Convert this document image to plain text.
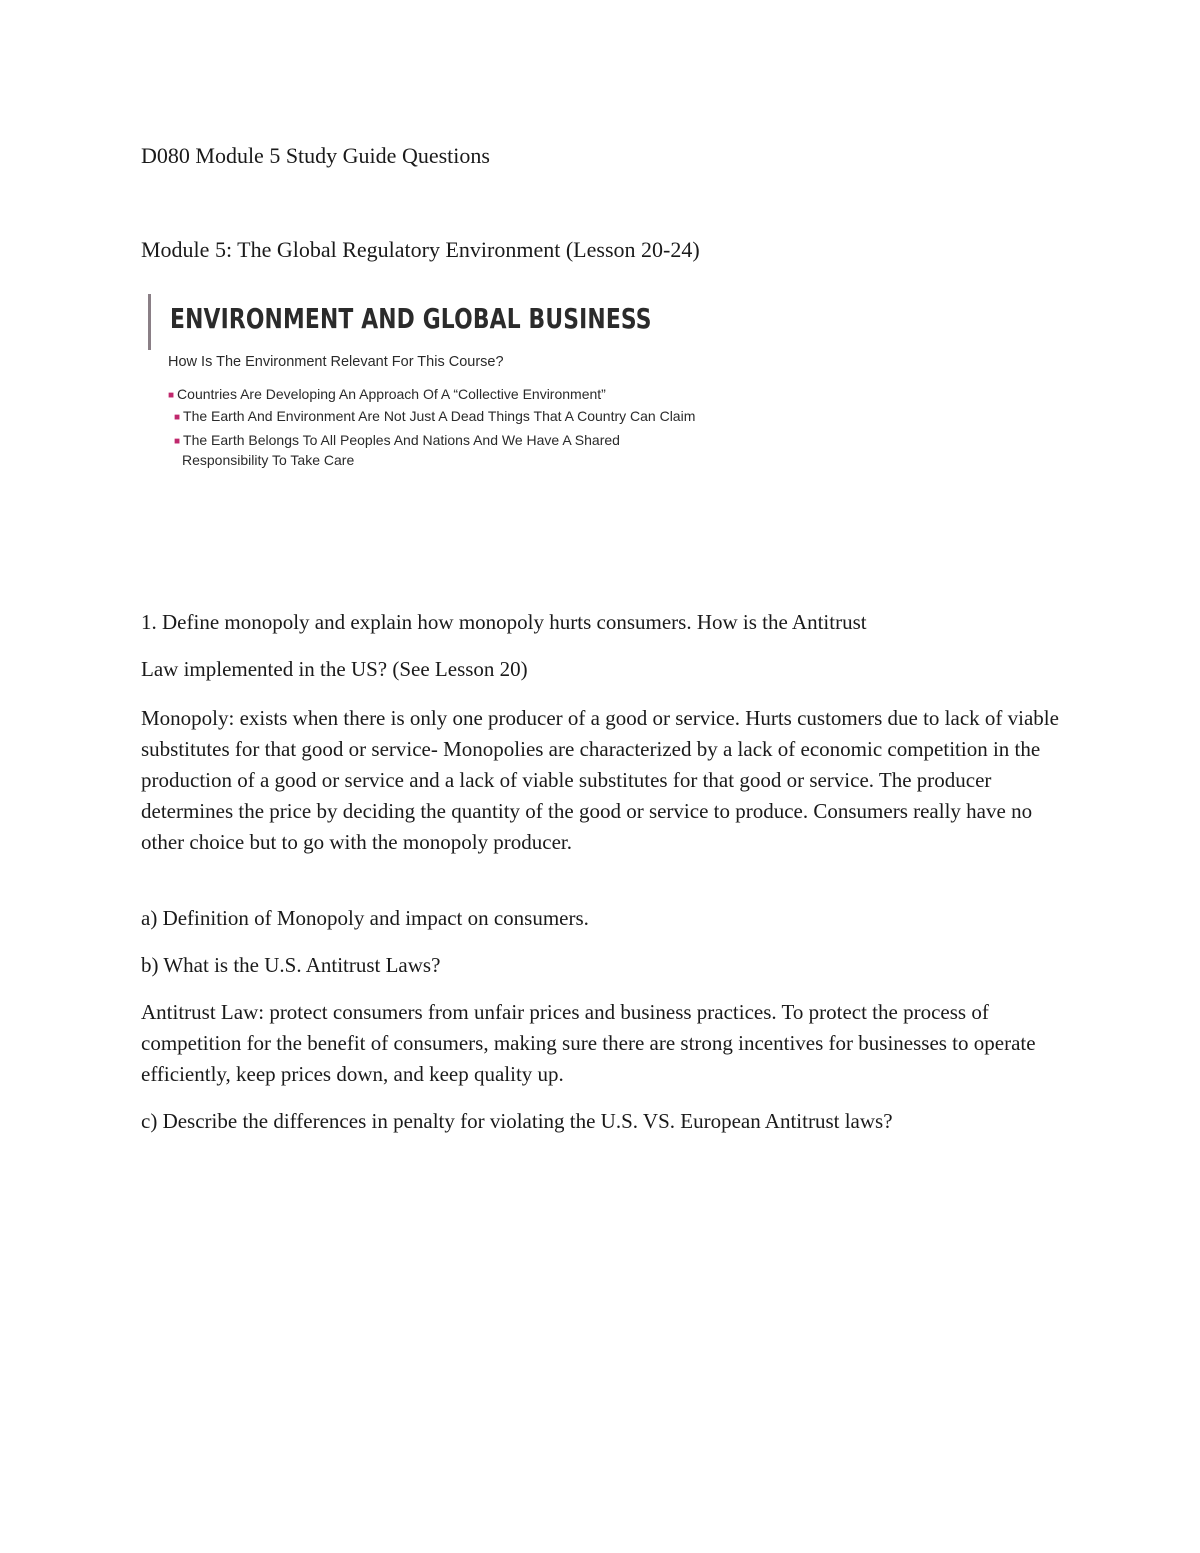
D080 Module 5 Study Guide Questions
Module 5: The Global Regulatory Environment (Lesson 20-24)
ENVIRONMENT AND GLOBAL BUSINESS
How Is The Environment Relevant For This Course?
■ Countries Are Developing An Approach Of A “Collective Environment”
■ The Earth And Environment Are Not Just A Dead Things That A Country Can Claim
■ The Earth Belongs To All Peoples And Nations And We Have A Shared
Responsibility To Take Care

1. Define monopoly and explain how monopoly hurts consumers. How is the Antitrust

Law implemented in the US? (See Lesson 20)

Monopoly: exists when there is only one producer of a good or service. Hurts customers due to lack of viable substitutes for that good or service- Monopolies are characterized by a lack of economic competition in the production of a good or service and a lack of viable substitutes for that good or service. The producer determines the price by deciding the quantity of the good or service to produce. Consumers really have no other choice but to go with the monopoly producer.

a) Definition of Monopoly and impact on consumers.

b) What is the U.S. Antitrust Laws?

Antitrust Law: protect consumers from unfair prices and business practices. To protect the process of competition for the benefit of consumers, making sure there are strong incentives for businesses to operate efficiently, keep prices down, and keep quality up.

c) Describe the differences in penalty for violating the U.S. VS. European Antitrust laws?
